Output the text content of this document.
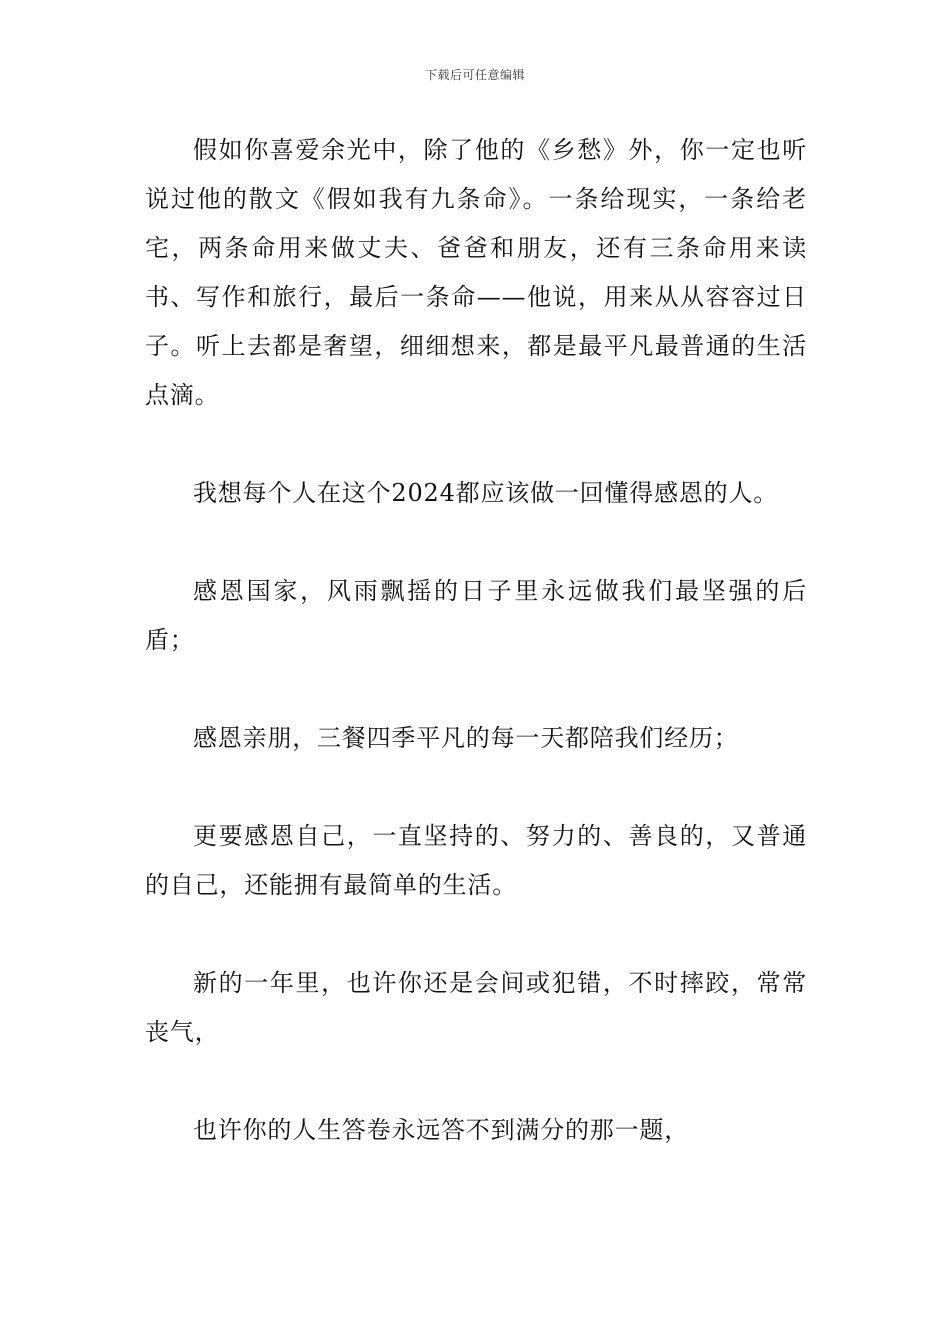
下载后可任意编辑

假如你喜爱余光中，除了他的《乡愁》外，你一定也听说过他的散文《假如我有九条命》。一条给现实，一条给老宅，两条命用来做丈夫、爸爸和朋友，还有三条命用来读书、写作和旅行，最后一条命——他说，用来从从容容过日子。听上去都是奢望，细细想来，都是最平凡最普通的生活点滴。

我想每个人在这个2024都应该做一回懂得感恩的人。

感恩国家，风雨飘摇的日子里永远做我们最坚强的后盾；

感恩亲朋，三餐四季平凡的每一天都陪我们经历；

更要感恩自己，一直坚持的、努力的、善良的，又普通的自己，还能拥有最简单的生活。

新的一年里，也许你还是会间或犯错，不时摔跤，常常丧气，

也许你的人生答卷永远答不到满分的那一题，
